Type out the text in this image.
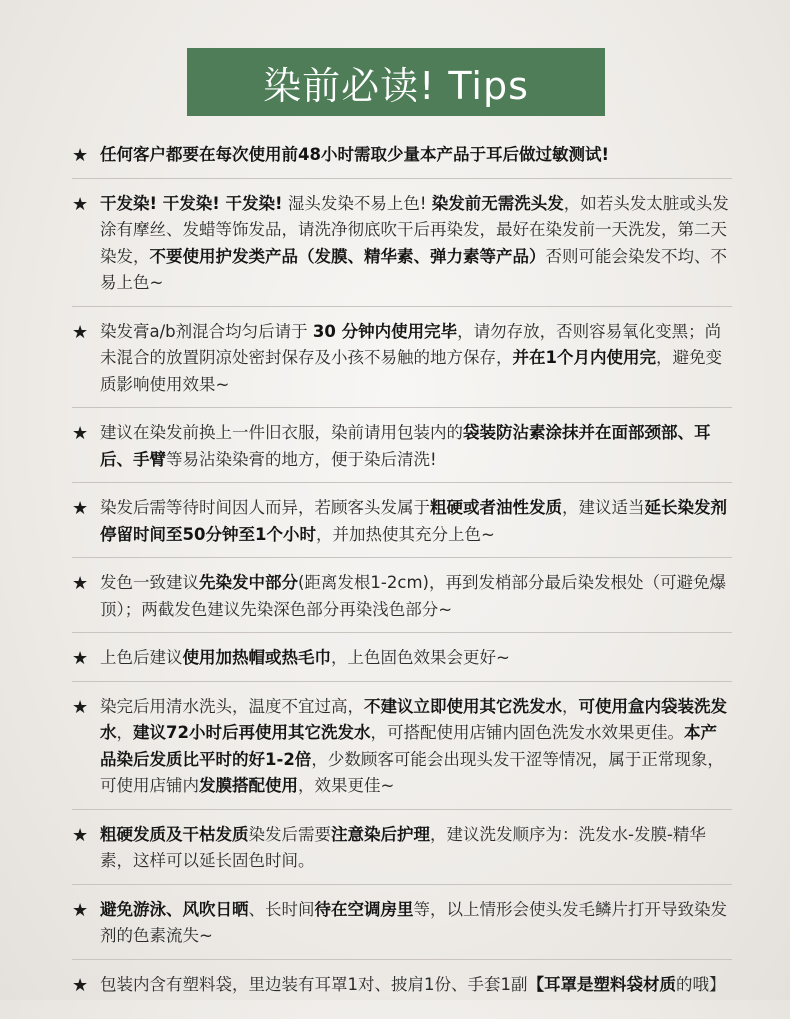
染前必读! Tips
★ 任何客户都要在每次使用前48小时需取少量本产品于耳后做过敏测试!
★ 干发染! 干发染! 干发染! 湿头发染不易上色! 染发前无需洗头发，如若头发太脏或头发涂有摩丝、发蜡等饰发品，请洗净彻底吹干后再染发，最好在染发前一天洗发，第二天染发，不要使用护发类产品（发膜、精华素、弹力素等产品）否则可能会染发不均、不易上色~
★ 染发膏a/b剂混合均匀后请于 30 分钟内使用完毕，请勿存放，否则容易氧化变黑；尚未混合的放置阴凉处密封保存及小孩不易触的地方保存，并在1个月内使用完，避免变质影响使用效果~
★ 建议在染发前换上一件旧衣服，染前请用包装内的袋装防沾素涂抹并在面部颈部、耳后、手臂等易沾染染膏的地方，便于染后清洗!
★ 染发后需等待时间因人而异，若顾客头发属于粗硬或者油性发质，建议适当延长染发剂停留时间至50分钟至1个小时，并加热使其充分上色~
★ 发色一致建议先染发中部分(距离发根1-2cm)，再到发梢部分最后染发根处（可避免爆顶）；两截发色建议先染深色部分再染浅色部分~
★ 上色后建议使用加热帽或热毛巾，上色固色效果会更好~
★ 染完后用清水洗头，温度不宜过高，不建议立即使用其它洗发水，可使用盒内袋装洗发水，建议72小时后再使用其它洗发水，可搭配使用店铺内固色洗发水效果更佳。本产品染后发质比平时的好1-2倍，少数顾客可能会出现头发干涩等情况，属于正常现象，可使用店铺内发膜搭配使用，效果更佳~
★ 粗硬发质及干枯发质染发后需要注意染后护理，建议洗发顺序为：洗发水-发膜-精华素，这样可以延长固色时间。
★ 避免游泳、风吹日晒、长时间待在空调房里等，以上情形会使头发毛鳞片打开导致染发剂的色素流失~
★ 包装内含有塑料袋，里边装有耳罩1对、披肩1份、手套1副【耳罩是塑料袋材质的哦】
